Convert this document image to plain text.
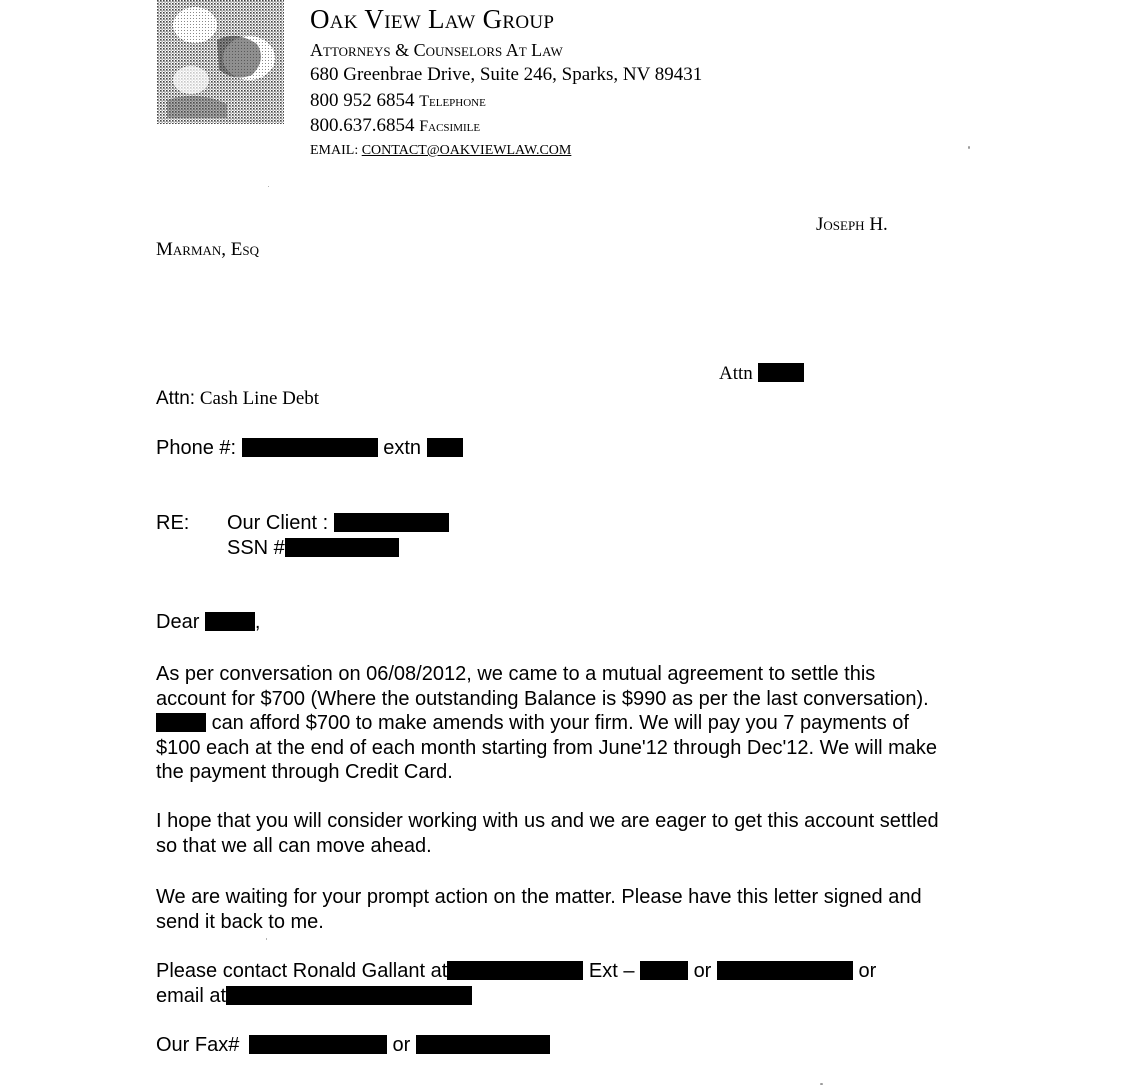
Oak View Law Group
Attorneys & Counselors At Law
680 Greenbrae Drive, Suite 246, Sparks, NV 89431
800 952 6854 Telephone
800.637.6854 Facsimile
EMAIL: CONTACT@OAKVIEWLAW.COM
Joseph H.
Marman, Esq
Attn
Attn: Cash Line Debt
Phone #:	extn
RE: Our Client :
SSN #
Dear	,
As per conversation on 06/08/2012, we came to a mutual agreement to settle this account for $700 (Where the outstanding Balance is $990 as per the last conversation).  can afford $700 to make amends with your firm. We will pay you 7 payments of $100 each at the end of each month starting from June'12 through Dec'12. We will make the payment through Credit Card.
I hope that you will consider working with us and we are eager to get this account settled so that we all can move ahead.
We are waiting for your prompt action on the matter. Please have this letter signed and send it back to me.
Please contact Ronald Gallant at	Ext –	or	or
email at
Our Fax#	or
